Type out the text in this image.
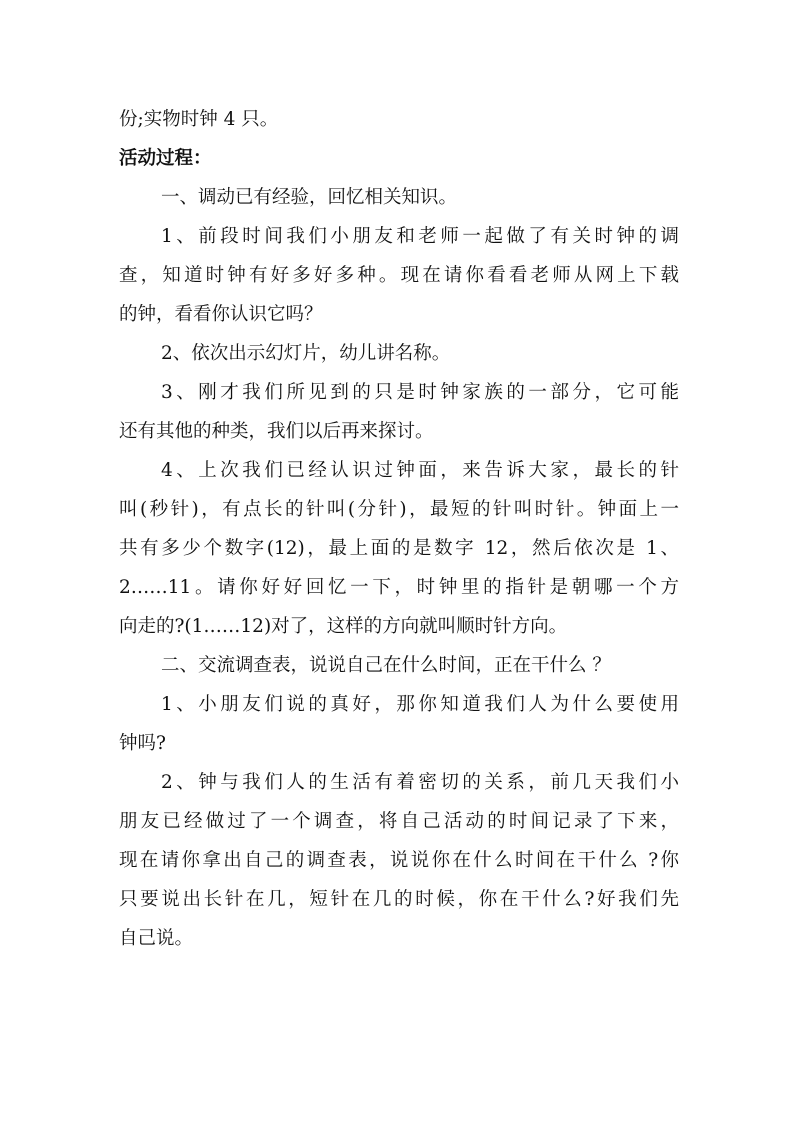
份;实物时钟 4 只。
活动过程：
一、调动已有经验，回忆相关知识。
1、前段时间我们小朋友和老师一起做了有关时钟的调
查，知道时钟有好多好多种。现在请你看看老师从网上下载
的钟，看看你认识它吗？
2、依次出示幻灯片，幼儿讲名称。
3、刚才我们所见到的只是时钟家族的一部分，它可能
还有其他的种类，我们以后再来探讨。
4、上次我们已经认识过钟面，来告诉大家，最长的针
叫(秒针)，有点长的针叫(分针)，最短的针叫时针。钟面上一
共有多少个数字(12)，最上面的是数字 12，然后依次是 1、
2……11。请你好好回忆一下，时钟里的指针是朝哪一个方
向走的?(1……12)对了，这样的方向就叫顺时针方向。
二、交流调查表，说说自己在什么时间，正在干什么 ？
1、小朋友们说的真好，那你知道我们人为什么要使用
钟吗?
2、钟与我们人的生活有着密切的关系，前几天我们小
朋友已经做过了一个调查，将自己活动的时间记录了下来，
现在请你拿出自己的调查表，说说你在什么时间在干什么 ?你
只要说出长针在几，短针在几的时候，你在干什么?好我们先
自己说。
